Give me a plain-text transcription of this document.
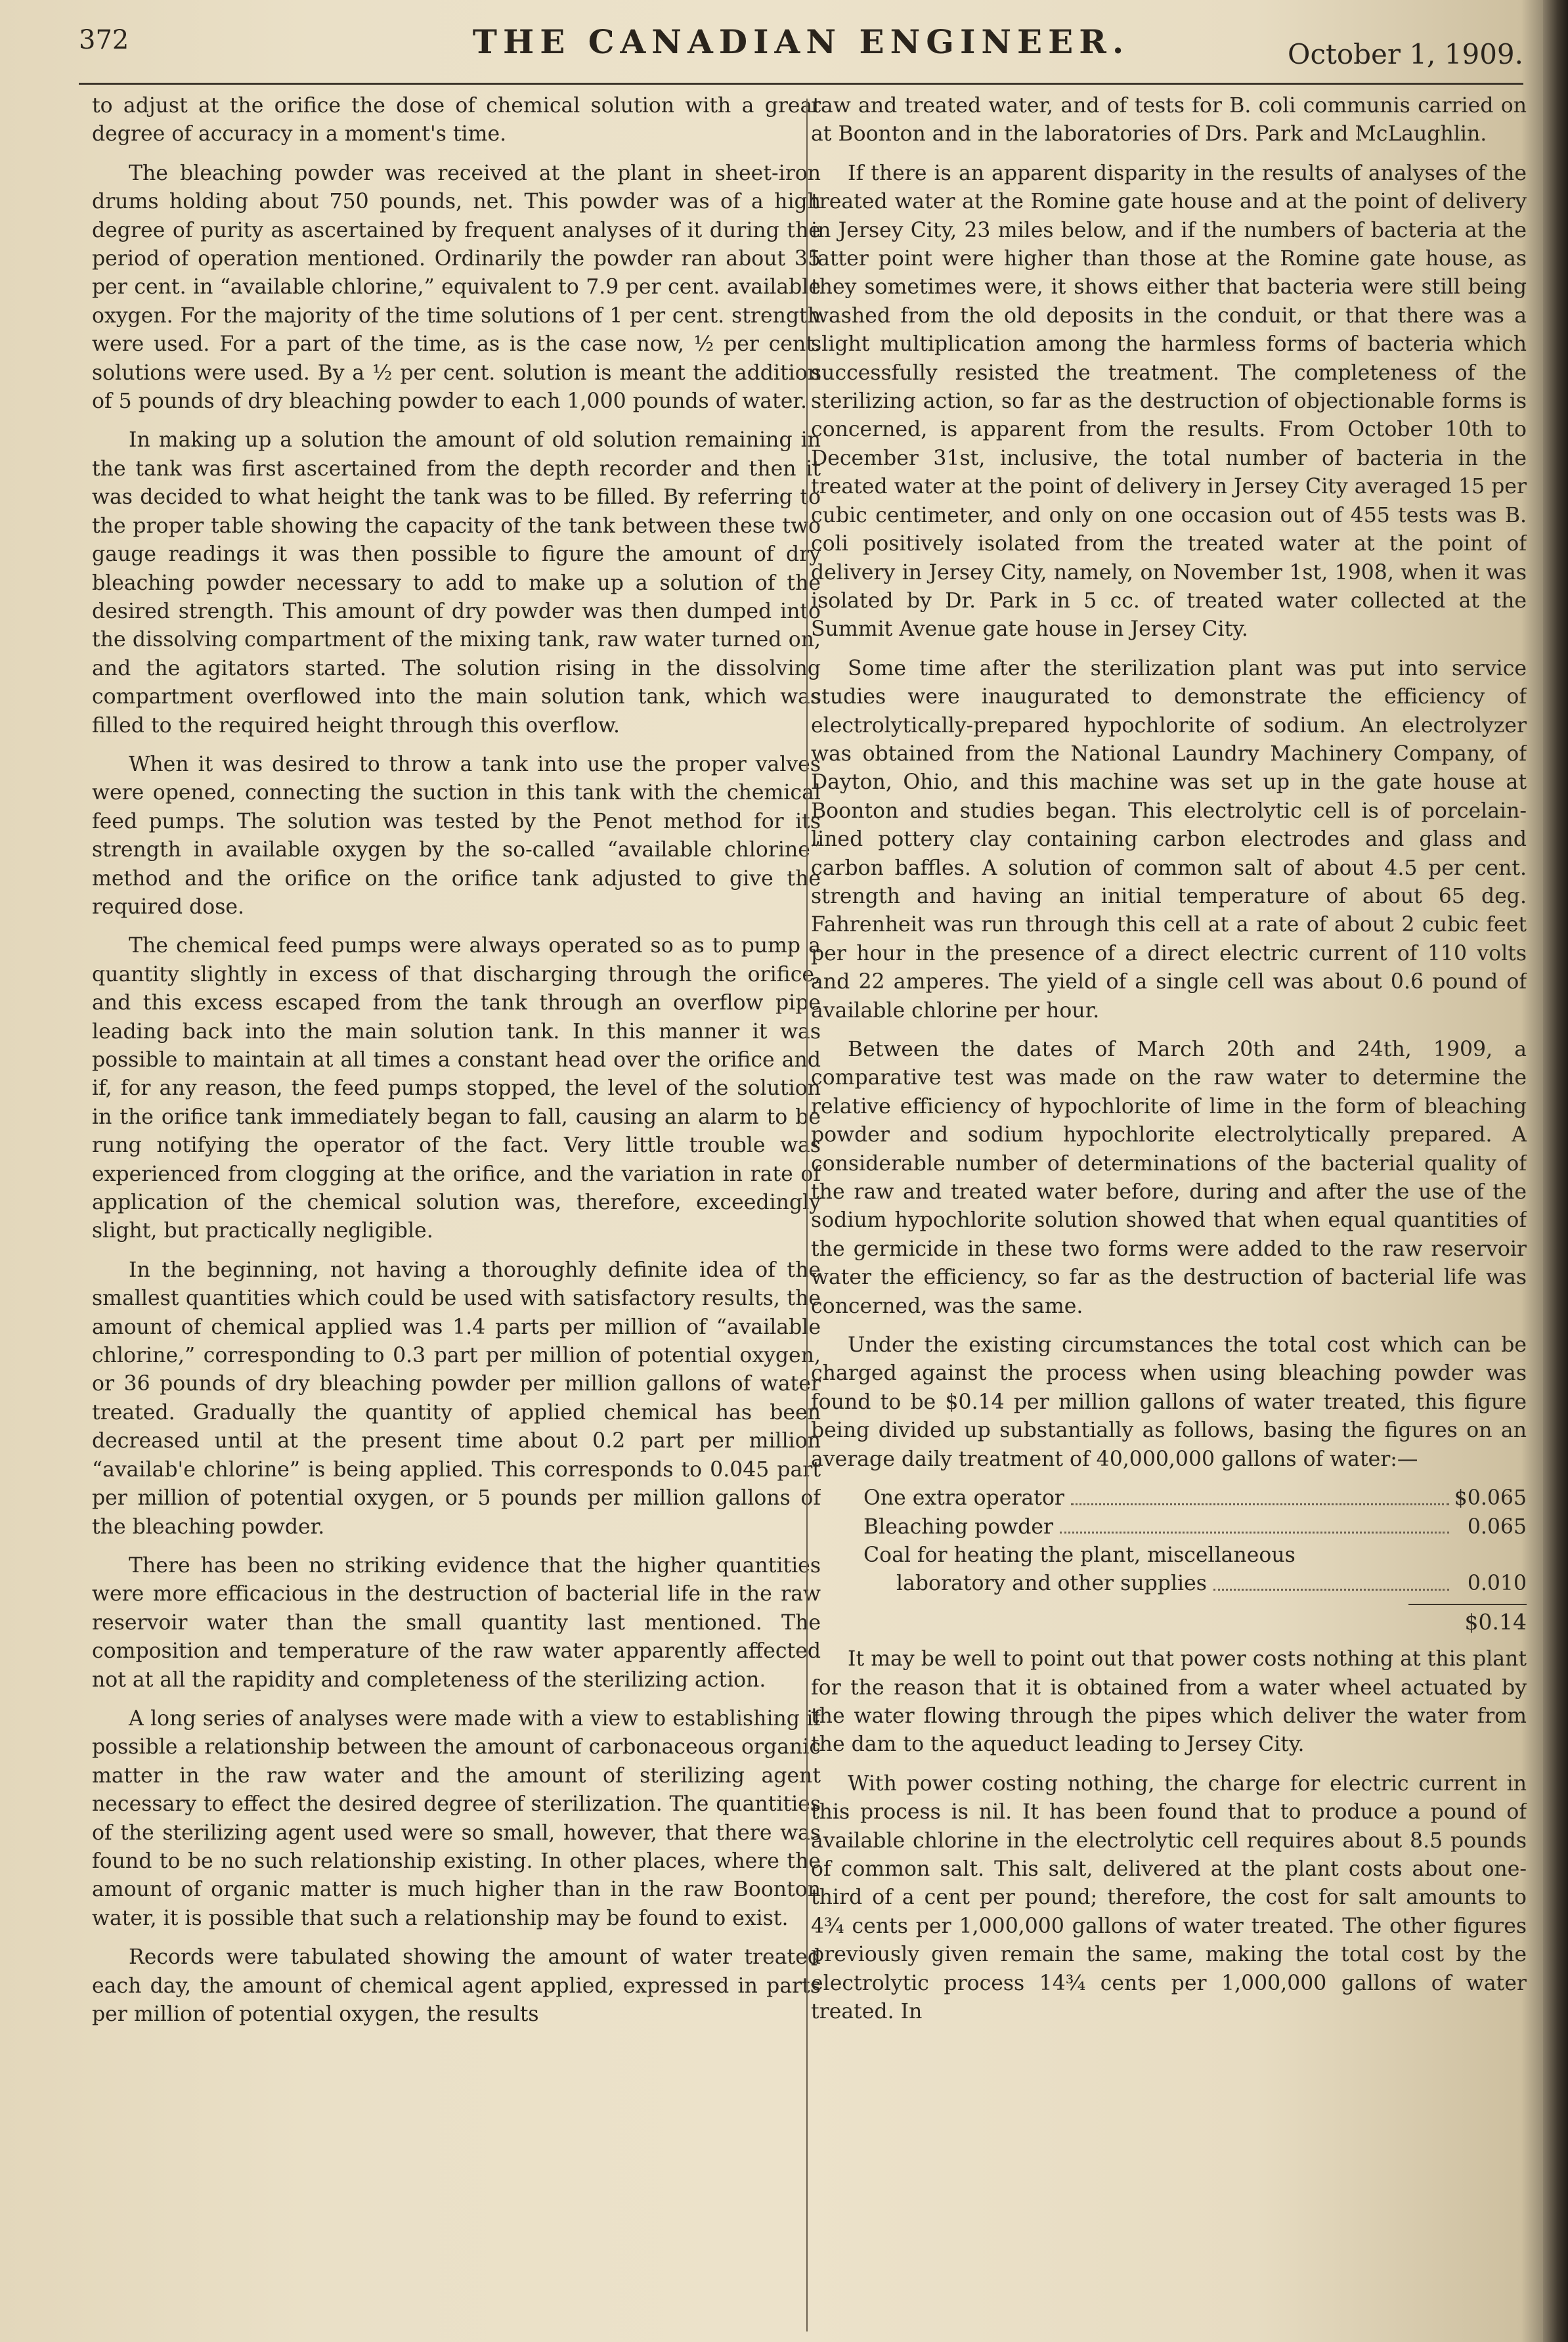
372	THE CANADIAN ENGINEER.	October 1, 1909.

to adjust at the orifice the dose of chemical solution with a great degree of accuracy in a moment's time.

The bleaching powder was received at the plant in sheet-iron drums holding about 750 pounds, net. This powder was of a high degree of purity as ascertained by frequent analyses of it during the period of operation mentioned. Ordinarily the powder ran about 35 per cent. in “available chlorine,” equivalent to 7.9 per cent. available oxygen. For the majority of the time solutions of 1 per cent. strength were used. For a part of the time, as is the case now, ½ per cent. solutions were used. By a ½ per cent. solution is meant the addition of 5 pounds of dry bleaching powder to each 1,000 pounds of water.

In making up a solution the amount of old solution remaining in the tank was first ascertained from the depth recorder and then it was decided to what height the tank was to be filled. By referring to the proper table showing the capacity of the tank between these two gauge readings it was then possible to figure the amount of dry bleaching powder necessary to add to make up a solution of the desired strength. This amount of dry powder was then dumped into the dissolving compartment of the mixing tank, raw water turned on, and the agitators started. The solution rising in the dissolving compartment overflowed into the main solution tank, which was filled to the required height through this overflow.

When it was desired to throw a tank into use the proper valves were opened, connecting the suction in this tank with the chemical feed pumps. The solution was tested by the Penot method for its strength in available oxygen by the so-called “available chlorine” method and the orifice on the orifice tank adjusted to give the required dose.

The chemical feed pumps were always operated so as to pump a quantity slightly in excess of that discharging through the orifice, and this excess escaped from the tank through an overflow pipe leading back into the main solution tank. In this manner it was possible to maintain at all times a constant head over the orifice and if, for any reason, the feed pumps stopped, the level of the solution in the orifice tank immediately began to fall, causing an alarm to be rung notifying the operator of the fact. Very little trouble was experienced from clogging at the orifice, and the variation in rate of application of the chemical solution was, therefore, exceedingly slight, but practically negligible.

In the beginning, not having a thoroughly definite idea of the smallest quantities which could be used with satisfactory results, the amount of chemical applied was 1.4 parts per million of “available chlorine,” corresponding to 0.3 part per million of potential oxygen, or 36 pounds of dry bleaching powder per million gallons of water treated. Gradually the quantity of applied chemical has been decreased until at the present time about 0.2 part per million “availab'e chlorine” is being applied. This corresponds to 0.045 part per million of potential oxygen, or 5 pounds per million gallons of the bleaching powder.

There has been no striking evidence that the higher quantities were more efficacious in the destruction of bacterial life in the raw reservoir water than the small quantity last mentioned. The composition and temperature of the raw water apparently affected not at all the rapidity and completeness of the sterilizing action.

A long series of analyses were made with a view to establishing if possible a relationship between the amount of carbonaceous organic matter in the raw water and the amount of sterilizing agent necessary to effect the desired degree of sterilization. The quantities of the sterilizing agent used were so small, however, that there was found to be no such relationship existing. In other places, where the amount of organic matter is much higher than in the raw Boonton water, it is possible that such a relationship may be found to exist.

Records were tabulated showing the amount of water treated each day, the amount of chemical agent applied, expressed in parts per million of potential oxygen, the results

raw and treated water, and of tests for B. coli communis carried on at Boonton and in the laboratories of Drs. Park and McLaughlin.

If there is an apparent disparity in the results of analyses of the treated water at the Romine gate house and at the point of delivery in Jersey City, 23 miles below, and if the numbers of bacteria at the latter point were higher than those at the Romine gate house, as they sometimes were, it shows either that bacteria were still being washed from the old deposits in the conduit, or that there was a slight multiplication among the harmless forms of bacteria which successfully resisted the treatment. The completeness of the sterilizing action, so far as the destruction of objectionable forms is concerned, is apparent from the results. From October 10th to December 31st, inclusive, the total number of bacteria in the treated water at the point of delivery in Jersey City averaged 15 per cubic centimeter, and only on one occasion out of 455 tests was B. coli positively isolated from the treated water at the point of delivery in Jersey City, namely, on November 1st, 1908, when it was isolated by Dr. Park in 5 cc. of treated water collected at the Summit Avenue gate house in Jersey City.

Some time after the sterilization plant was put into service studies were inaugurated to demonstrate the efficiency of electrolytically-prepared hypochlorite of sodium. An electrolyzer was obtained from the National Laundry Machinery Company, of Dayton, Ohio, and this machine was set up in the gate house at Boonton and studies began. This electrolytic cell is of porcelain-lined pottery clay containing carbon electrodes and glass and carbon baffles. A solution of common salt of about 4.5 per cent. strength and having an initial temperature of about 65 deg. Fahrenheit was run through this cell at a rate of about 2 cubic feet per hour in the presence of a direct electric current of 110 volts and 22 amperes. The yield of a single cell was about 0.6 pound of available chlorine per hour.

Between the dates of March 20th and 24th, 1909, a comparative test was made on the raw water to determine the relative efficiency of hypochlorite of lime in the form of bleaching powder and sodium hypochlorite electrolytically prepared. A considerable number of determinations of the bacterial quality of the raw and treated water before, during and after the use of the sodium hypochlorite solution showed that when equal quantities of the germicide in these two forms were added to the raw reservoir water the efficiency, so far as the destruction of bacterial life was concerned, was the same.

Under the existing circumstances the total cost which can be charged against the process when using bleaching powder was found to be $0.14 per million gallons of water treated, this figure being divided up substantially as follows, basing the figures on an average daily treatment of 40,000,000 gallons of water:—

One extra operator	$0.065
Bleaching powder	0.065
Coal for heating the plant, miscellaneous
laboratory and other supplies	0.010
$0.14

It may be well to point out that power costs nothing at this plant for the reason that it is obtained from a water wheel actuated by the water flowing through the pipes which deliver the water from the dam to the aqueduct leading to Jersey City.

With power costing nothing, the charge for electric current in this process is nil. It has been found that to produce a pound of available chlorine in the electrolytic cell requires about 8.5 pounds of common salt. This salt, delivered at the plant costs about one-third of a cent per pound; therefore, the cost for salt amounts to 4¾ cents per 1,000,000 gallons of water treated. The other figures previously given remain the same, making the total cost by the electrolytic process 14¾ cents per 1,000,000 gallons of water treated. In
